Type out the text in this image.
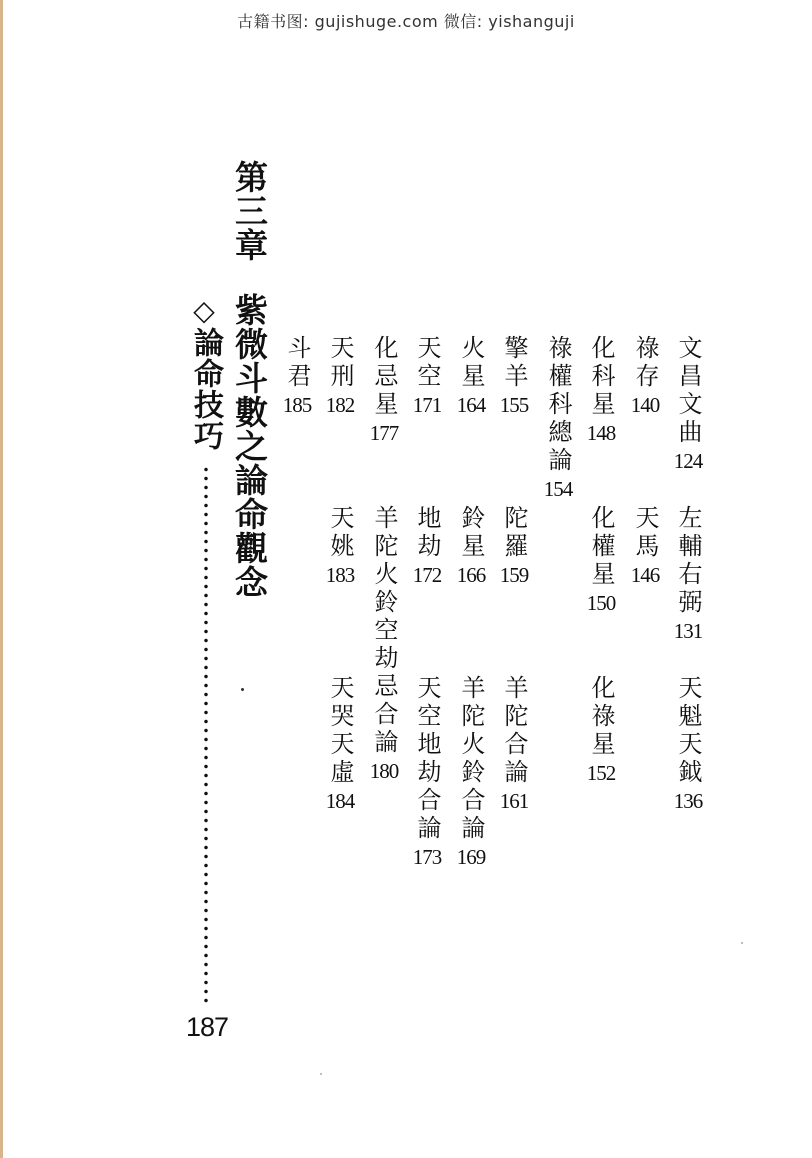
古籍书图: gujishuge.com 微信: yishanguji
第三章
紫微斗數之論命觀念
◇
論命技巧
187
文昌文曲
124
左輔右弼
131
天魁天鉞
136
祿存
140
天馬
146
化科星
148
化權星
150
化祿星
152
祿權科總論
154
擎羊
155
陀羅
159
羊陀合論
161
火星
164
鈴星
166
羊陀火鈴合論
169
天空
171
地劫
172
天空地劫合論
173
化忌星
177
羊陀火鈴空劫忌合論
180
天刑
182
天姚
183
天哭天虛
184
斗君
185
